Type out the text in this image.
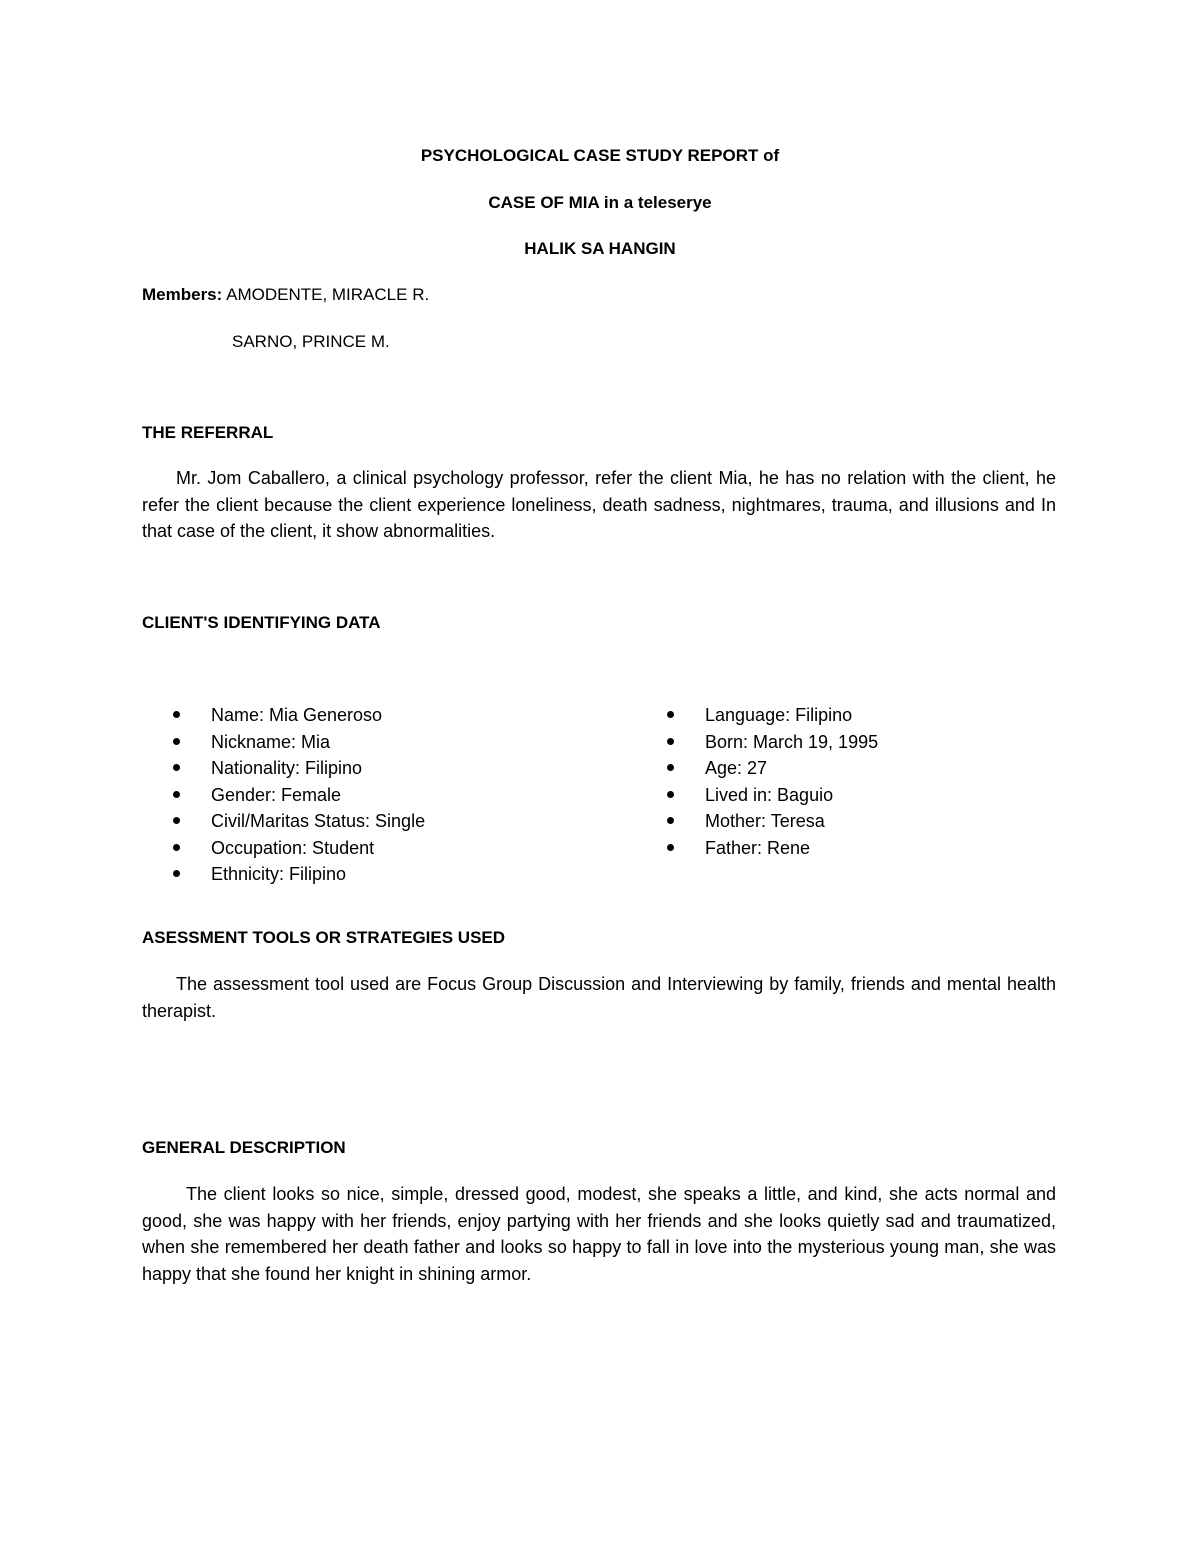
PSYCHOLOGICAL CASE STUDY REPORT of
CASE OF MIA in a teleserye
HALIK SA HANGIN
Members: AMODENTE, MIRACLE R.
SARNO, PRINCE M.
THE REFERRAL
Mr. Jom Caballero, a clinical psychology professor, refer the client Mia, he has no relation with the client, he refer the client because the client experience loneliness, death sadness, nightmares, trauma, and illusions and In that case of the client, it show abnormalities.
CLIENT'S IDENTIFYING DATA
Name: Mia Generoso
Nickname: Mia
Nationality: Filipino
Gender: Female
Civil/Maritas Status: Single
Occupation: Student
Ethnicity: Filipino
Language: Filipino
Born: March 19, 1995
Age: 27
Lived in: Baguio
Mother: Teresa
Father: Rene
ASESSMENT TOOLS OR STRATEGIES USED
The assessment tool used are Focus Group Discussion and Interviewing by family, friends and mental health therapist.
GENERAL DESCRIPTION
The client looks so nice, simple, dressed good, modest, she speaks a little, and kind, she acts normal and good, she was happy with her friends, enjoy partying with her friends and she looks quietly sad and traumatized, when she remembered her death father and looks so happy to fall in love into the mysterious young man, she was happy that she found her knight in shining armor.
